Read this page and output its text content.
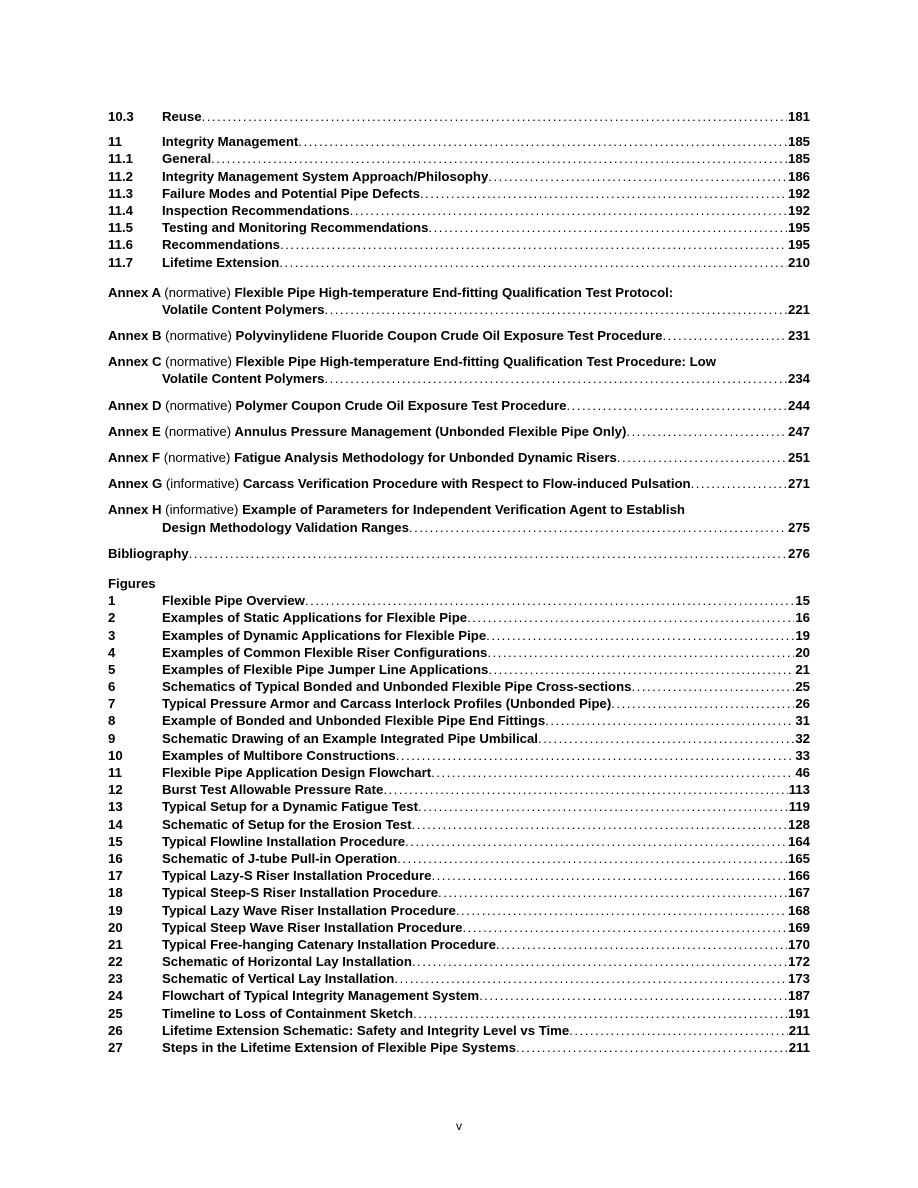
10.3	Reuse .....	181
11	Integrity Management .....	185
11.1	General .....	185
11.2	Integrity Management System Approach/Philosophy .....	186
11.3	Failure Modes and Potential Pipe Defects .....	192
11.4	Inspection Recommendations .....	192
11.5	Testing and Monitoring Recommendations .....	195
11.6	Recommendations .....	195
11.7	Lifetime Extension .....	210
Annex A (normative) Flexible Pipe High-temperature End-fitting Qualification Test Protocol:
Volatile Content Polymers .....	221
Annex B (normative) Polyvinylidene Fluoride Coupon Crude Oil Exposure Test Procedure .....	231
Annex C (normative) Flexible Pipe High-temperature End-fitting Qualification Test Procedure: Low
Volatile Content Polymers .....	234
Annex D (normative) Polymer Coupon Crude Oil Exposure Test Procedure .....	244
Annex E (normative) Annulus Pressure Management (Unbonded Flexible Pipe Only) .....	247
Annex F (normative) Fatigue Analysis Methodology for Unbonded Dynamic Risers .....	251
Annex G (informative) Carcass Verification Procedure with Respect to Flow-induced Pulsation .....	271
Annex H (informative) Example of Parameters for Independent Verification Agent to Establish
Design Methodology Validation Ranges .....	275
Bibliography .....	276
Figures
1	Flexible Pipe Overview .....	15
2	Examples of Static Applications for Flexible Pipe .....	16
3	Examples of Dynamic Applications for Flexible Pipe .....	19
4	Examples of Common Flexible Riser Configurations .....	20
5	Examples of Flexible Pipe Jumper Line Applications .....	21
6	Schematics of Typical Bonded and Unbonded Flexible Pipe Cross-sections .....	25
7	Typical Pressure Armor and Carcass Interlock Profiles (Unbonded Pipe) .....	26
8	Example of Bonded and Unbonded Flexible Pipe End Fittings .....	31
9	Schematic Drawing of an Example Integrated Pipe Umbilical .....	32
10	Examples of Multibore Constructions .....	33
11	Flexible Pipe Application Design Flowchart .....	46
12	Burst Test Allowable Pressure Rate .....	113
13	Typical Setup for a Dynamic Fatigue Test .....	119
14	Schematic of Setup for the Erosion Test .....	128
15	Typical Flowline Installation Procedure .....	164
16	Schematic of J-tube Pull-in Operation .....	165
17	Typical Lazy-S Riser Installation Procedure .....	166
18	Typical Steep-S Riser Installation Procedure .....	167
19	Typical Lazy Wave Riser Installation Procedure .....	168
20	Typical Steep Wave Riser Installation Procedure .....	169
21	Typical Free-hanging Catenary Installation Procedure .....	170
22	Schematic of Horizontal Lay Installation .....	172
23	Schematic of Vertical Lay Installation .....	173
24	Flowchart of Typical Integrity Management System .....	187
25	Timeline to Loss of Containment Sketch .....	191
26	Lifetime Extension Schematic: Safety and Integrity Level vs Time .....	211
27	Steps in the Lifetime Extension of Flexible Pipe Systems .....	211
v
